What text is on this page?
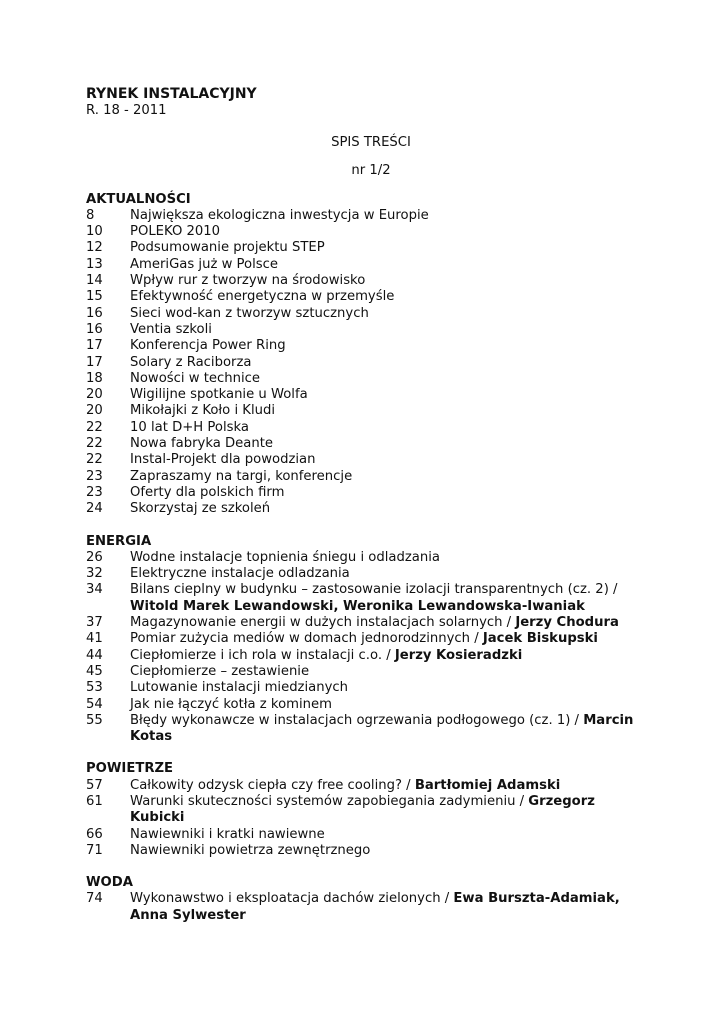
RYNEK INSTALACYJNY
R. 18 - 2011
SPIS TREŚCI
nr 1/2
AKTUALNOŚCI
8	Największa ekologiczna inwestycja w Europie
10	POLEKO 2010
12	Podsumowanie projektu STEP
13	AmeriGas już w Polsce
14	Wpływ rur z tworzyw na środowisko
15	Efektywność energetyczna w przemyśle
16	Sieci wod-kan z tworzyw sztucznych
16	Ventia szkoli
17	Konferencja Power Ring
17	Solary z Raciborza
18	Nowości w technice
20	Wigilijne spotkanie u Wolfa
20	Mikołajki z Koło i Kludi
22	10 lat D+H Polska
22	Nowa fabryka Deante
22	Instal-Projekt dla powodzian
23	Zapraszamy na targi, konferencje
23	Oferty dla polskich firm
24	Skorzystaj ze szkoleń
ENERGIA
26	Wodne instalacje topnienia śniegu i odladzania
32	Elektryczne instalacje odladzania
34	Bilans cieplny w budynku – zastosowanie izolacji transparentnych (cz. 2) / Witold Marek Lewandowski, Weronika Lewandowska-Iwaniak
37	Magazynowanie energii w dużych instalacjach solarnych / Jerzy Chodura
41	Pomiar zużycia mediów w domach jednorodzinnych / Jacek Biskupski
44	Ciepłomierze i ich rola w instalacji c.o. / Jerzy Kosieradzki
45	Ciepłomierze – zestawienie
53	Lutowanie instalacji miedzianych
54	Jak nie łączyć kotła z kominem
55	Błędy wykonawcze w instalacjach ogrzewania podłogowego (cz. 1) / Marcin Kotas
POWIETRZE
57	Całkowity odzysk ciepła czy free cooling? / Bartłomiej Adamski
61	Warunki skuteczności systemów zapobiegania zadymieniu / Grzegorz Kubicki
66	Nawiewniki i kratki nawiewne
71	Nawiewniki powietrza zewnętrznego
WODA
74	Wykonawstwo i eksploatacja dachów zielonych / Ewa Burszta-Adamiak, Anna Sylwester
